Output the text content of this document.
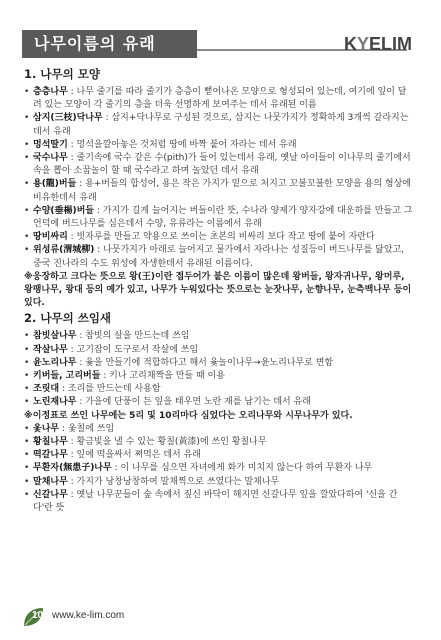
나무이름의 유래	KYELIM
1. 나무의 모양
• 층층나무 : 나무 줄기를 따라 줄기가 층층이 뻗어나온 모양으로 형성되어 있는데, 여기에 잎이 달려 있는 모양이 각 줄기의 층을 더욱 선명하게 보여주는 데서 유래된 이름
• 삼지(三枝)닥나무 : 삼지+닥나무로 구성된 것으로, 삼지는 나뭇가지가 정확하게 3개씩 갈라지는 데서 유래
• 멍석딸기 : 멍석을깔아놓은 것처럼 땅에 바짝 붙어 자라는 데서 유래
• 국수나무 : 줄기속에 국수 같은 수(pith)가 들어 있는데서 유래, 옛날 아이들이 이나무의 줄기에서 속을 뽑아 소꿉놀이 할 때 국수라고 하며 놀았던 데서 유래
• 용(龍)버들 : 용+버들의 합성어, 용은 작은 가지가 밑으로 처지고 꼬불꼬불한 모양을 용의 형상에 비유한데서 유래
• 수양(垂楊)버들 : 가지가 길게 늘어지는 버들이란 뜻, 수나라 양제가 양자강에 대운하를 만들고 그 언덕에 버드나무를 심은데서 수양, 유류라는 이름에서 유래
• 땅비싸리 : 빗자루를 만들고 약용으로 쓰이는 초본의 비싸리 보다 작고 땅에 붙어 자란다
• 위성류(渭城柳) : 나뭇가지가 아래로 늘어지고 물가에서 자라나는 성질등이 버드나무를 닮았고, 중국 진나라의 수도 위성에 자생한데서 유래된 이름이다.
※웅장하고 크다는 뜻으로 왕(王)이란 접두어가 붙은 이름이 많은데 왕버들, 왕자귀나무, 왕머루, 왕팽나무, 왕대 등의 예가 있고, 나무가 누워있다는 뜻으로는 눈잣나무, 눈향나무, 눈측백나무 등이 있다.
2. 나무의 쓰임새
• 참빗살나무 : 참빗의 살을 만드는데 쓰임
• 작살나무 : 고기잡이 도구로서 작살에 쓰임
• 윤노리나무 : 윷을 만들기에 적합하다고 해서 윷놀이나무→윤노리나무로 변함
• 키버들, 고리버들 : 키나 고리채짝을 만들 때 이용
• 조릿대 : 조리를 만드는데 사용함
• 노린재나무 : 가을에 단풍이 든 잎을 태우면 노란 재를 남기는 데서 유래
※이정표로 쓰인 나무에는 5리 및 10리마다 심었다는 오리나무와 시무나무가 있다.
• 옻나무 : 옻칠에 쓰임
• 황칠나무 : 황금빛을 낼 수 있는 황칠(黃漆)에 쓰인 황칠나무
• 떡갈나무 : 잎에 떡을싸서 쪄먹은 데서 유래
• 무환자(無患子)나무 : 이 나무를 심으면 자녀에게 화가 미치지 않는다 하여 무환자 나무
• 말채나무 : 가지가 낭창낭창하여 말채찍으로 쓰였다는 말채나무
• 신갈나무 : 옛날 나무꾼들이 숲 속에서 짚신 바닥이 해지면 신갈나무 잎을 깔았다하여 '신을 간다'란 뜻
108 www.ke-lim.com
